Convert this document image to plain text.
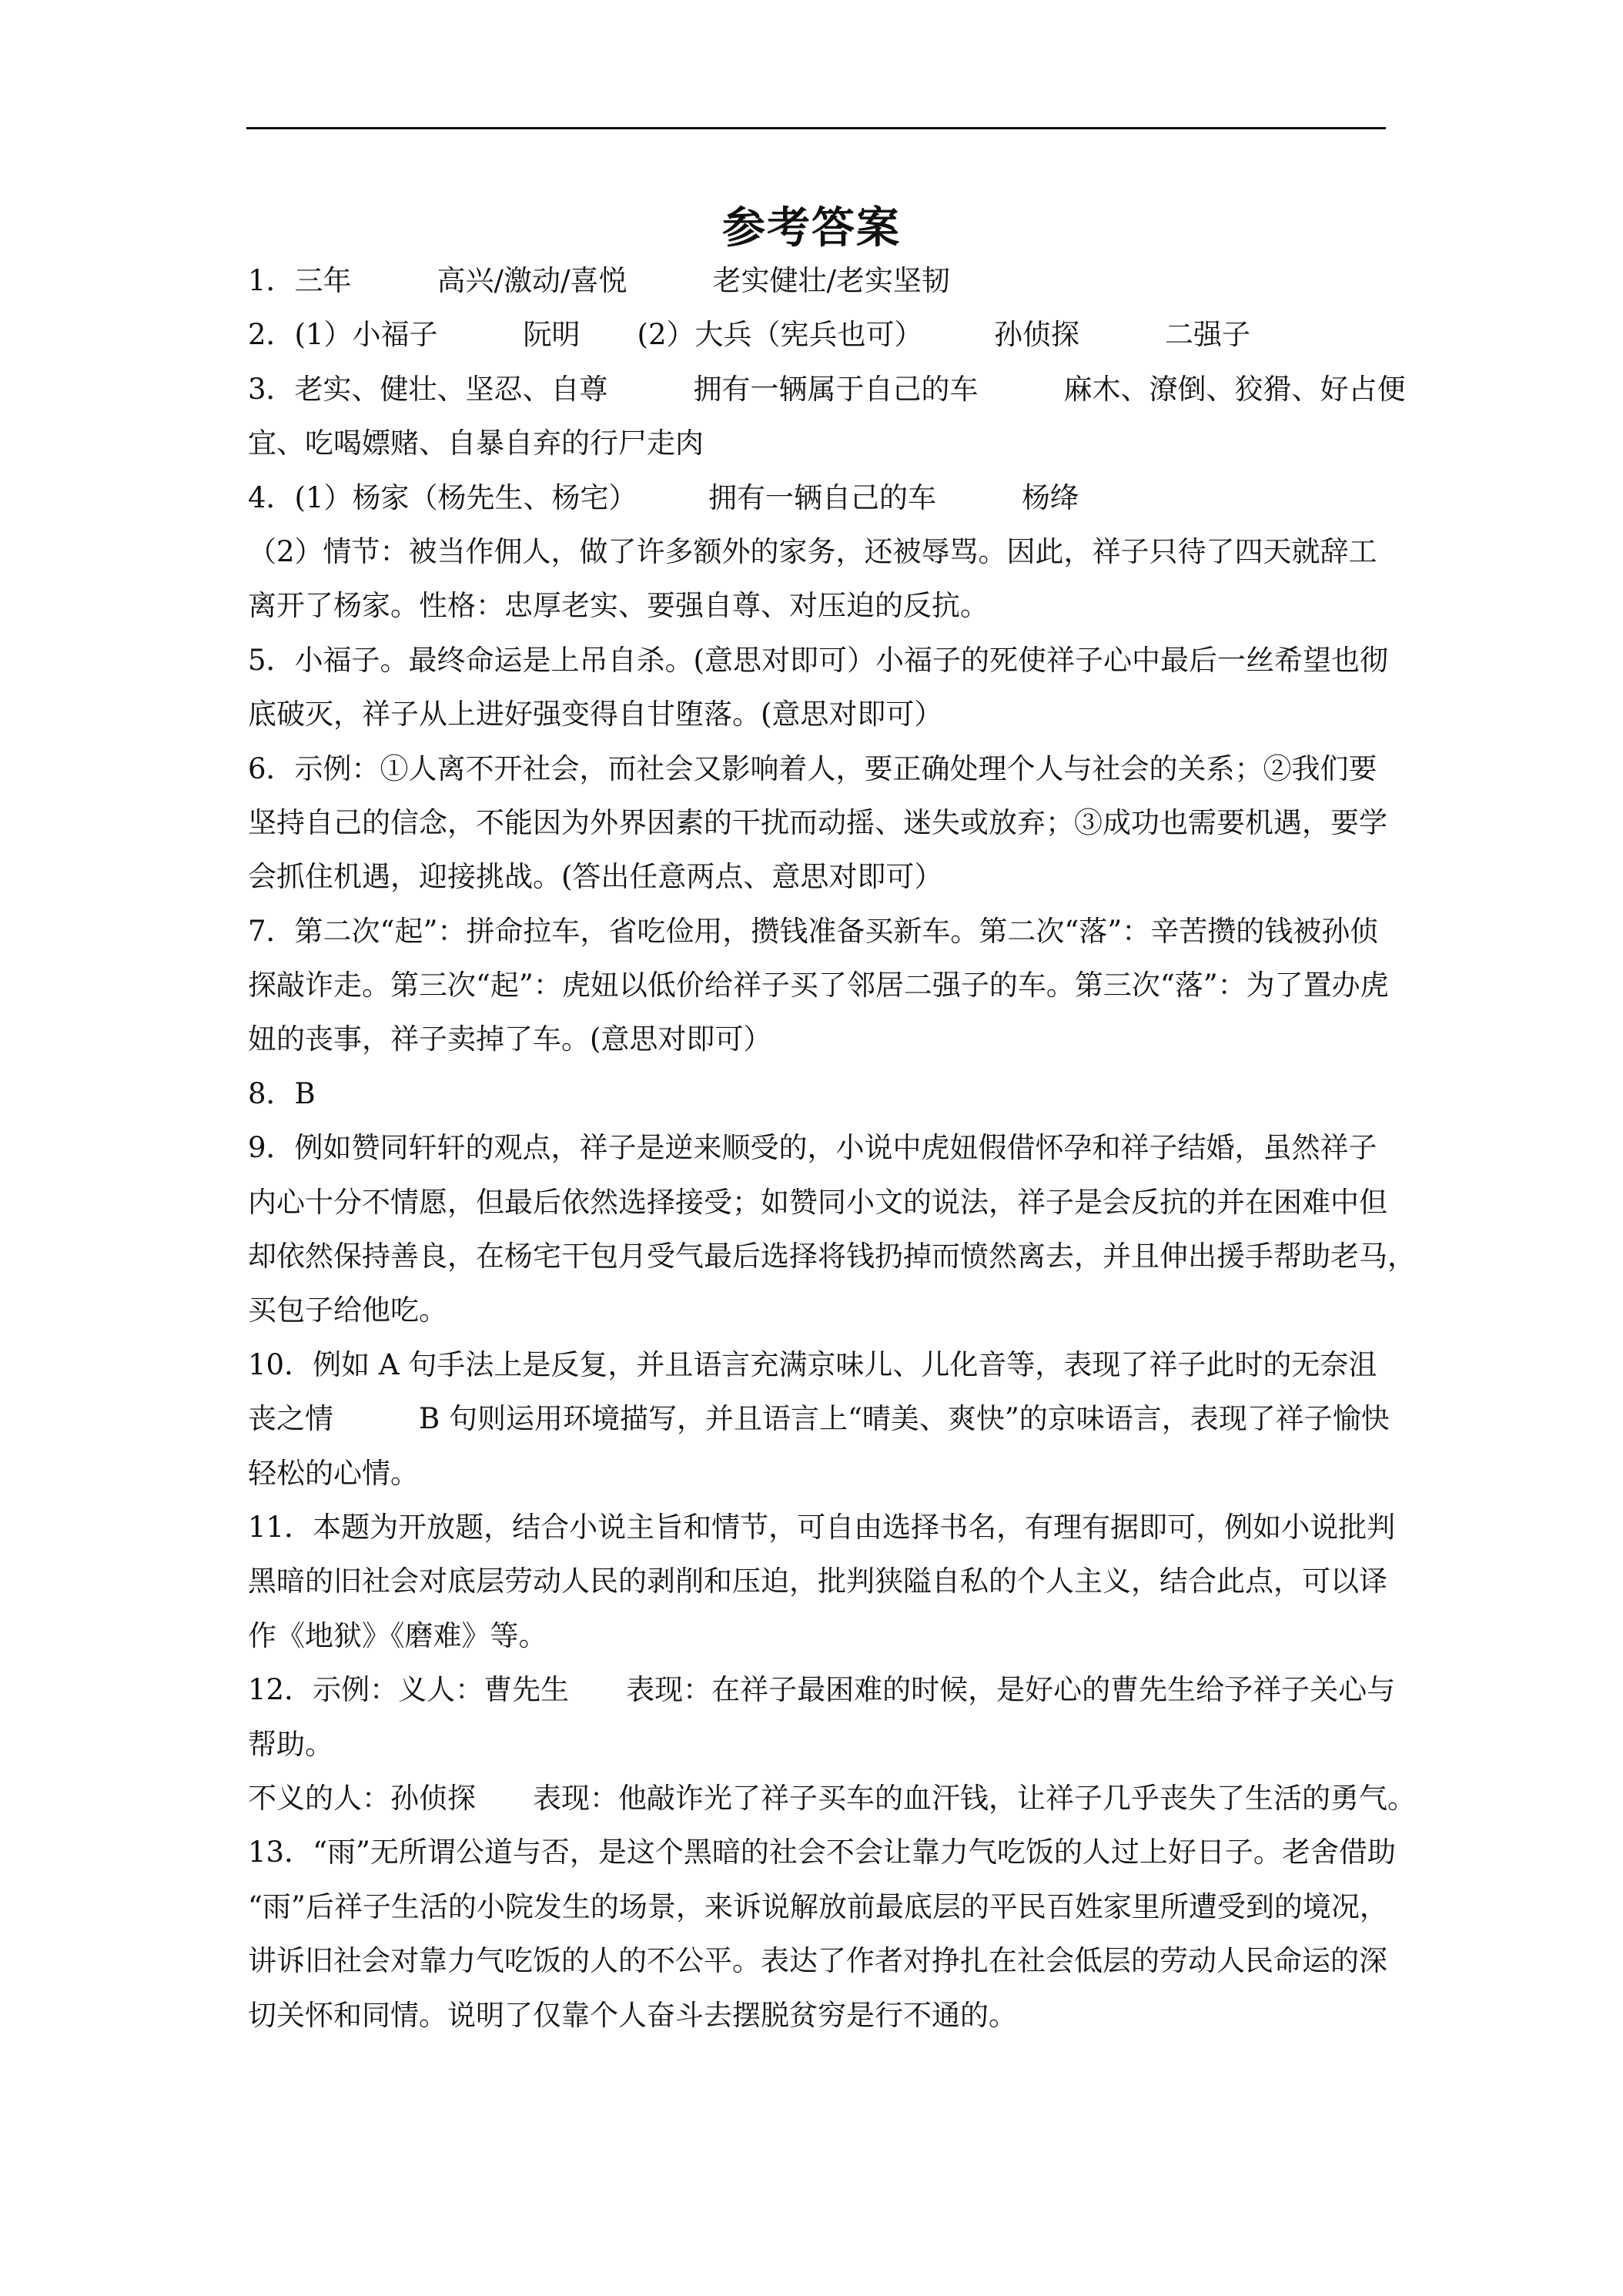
参考答案
1．三年　　　高兴/激动/喜悦　　　老实健壮/老实坚韧
2．(1）小福子　　　阮明　　(2）大兵（宪兵也可）　　　孙侦探　　　二强子
3．老实、健壮、坚忍、自尊　　　拥有一辆属于自己的车　　　麻木、潦倒、狡猾、好占便
宜、吃喝嫖赌、自暴自弃的行尸走肉
4．(1）杨家（杨先生、杨宅）　　　拥有一辆自己的车　　　杨绛
（2）情节：被当作佣人，做了许多额外的家务，还被辱骂。因此，祥子只待了四天就辞工
离开了杨家。性格：忠厚老实、要强自尊、对压迫的反抗。
5．小福子。最终命运是上吊自杀。(意思对即可）小福子的死使祥子心中最后一丝希望也彻
底破灭，祥子从上进好强变得自甘堕落。(意思对即可）
6．示例：①人离不开社会，而社会又影响着人，要正确处理个人与社会的关系；②我们要
坚持自己的信念，不能因为外界因素的干扰而动摇、迷失或放弃；③成功也需要机遇，要学
会抓住机遇，迎接挑战。(答出任意两点、意思对即可）
7．第二次“起”：拼命拉车，省吃俭用，攒钱准备买新车。第二次“落”：辛苦攒的钱被孙侦
探敲诈走。第三次“起”：虎妞以低价给祥子买了邻居二强子的车。第三次“落”：为了置办虎
妞的丧事，祥子卖掉了车。(意思对即可）
8．B
9．例如赞同轩轩的观点，祥子是逆来顺受的，小说中虎妞假借怀孕和祥子结婚，虽然祥子
内心十分不情愿，但最后依然选择接受；如赞同小文的说法，祥子是会反抗的并在困难中但
却依然保持善良，在杨宅干包月受气最后选择将钱扔掉而愤然离去，并且伸出援手帮助老马，
买包子给他吃。
10．例如 A 句手法上是反复，并且语言充满京味儿、儿化音等，表现了祥子此时的无奈沮
丧之情　　　B 句则运用环境描写，并且语言上“晴美、爽快”的京味语言，表现了祥子愉快
轻松的心情。
11．本题为开放题，结合小说主旨和情节，可自由选择书名，有理有据即可，例如小说批判
黑暗的旧社会对底层劳动人民的剥削和压迫，批判狭隘自私的个人主义，结合此点，可以译
作《地狱》《磨难》等。
12．示例：义人：曹先生　　表现：在祥子最困难的时候，是好心的曹先生给予祥子关心与
帮助。
不义的人：孙侦探　　表现：他敲诈光了祥子买车的血汗钱，让祥子几乎丧失了生活的勇气。
13．“雨”无所谓公道与否，是这个黑暗的社会不会让靠力气吃饭的人过上好日子。老舍借助
“雨”后祥子生活的小院发生的场景，来诉说解放前最底层的平民百姓家里所遭受到的境况，
讲诉旧社会对靠力气吃饭的人的不公平。表达了作者对挣扎在社会低层的劳动人民命运的深
切关怀和同情。说明了仅靠个人奋斗去摆脱贫穷是行不通的。
